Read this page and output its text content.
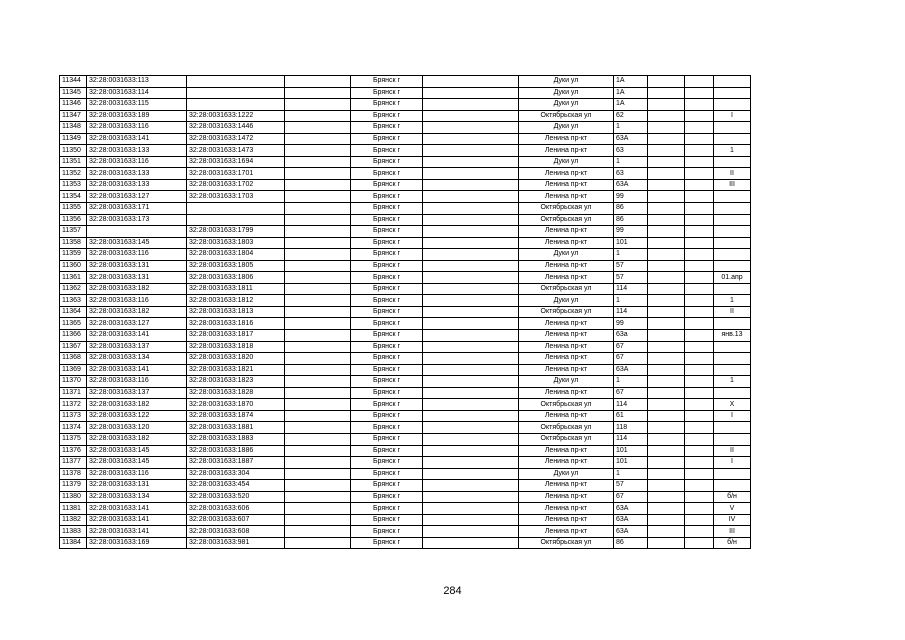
11344	32:28:0031633:113			Брянск г		Дуки ул	1А			
11345	32:28:0031633:114			Брянск г		Дуки ул	1А			
11346	32:28:0031633:115			Брянск г		Дуки ул	1А			
11347	32:28:0031633:189	32:28:0031633:1222		Брянск г		Октябрьская ул	62			I
11348	32:28:0031633:116	32:28:0031633:1446		Брянск г		Дуки ул	1			
11349	32:28:0031633:141	32:28:0031633:1472		Брянск г		Ленина пр-кт	63А			
11350	32:28:0031633:133	32:28:0031633:1473		Брянск г		Ленина пр-кт	63			1
11351	32:28:0031633:116	32:28:0031633:1694		Брянск г		Дуки ул	1			
11352	32:28:0031633:133	32:28:0031633:1701		Брянск г		Ленина пр-кт	63			II
11353	32:28:0031633:133	32:28:0031633:1702		Брянск г		Ленина пр-кт	63А			III
11354	32:28:0031633:127	32:28:0031633:1703		Брянск г		Ленина пр-кт	99			
11355	32:28:0031633:171			Брянск г		Октябрьская ул	86			
11356	32:28:0031633:173			Брянск г		Октябрьская ул	86			
11357		32:28:0031633:1799		Брянск г		Ленина пр-кт	99			
11358	32:28:0031633:145	32:28:0031633:1803		Брянск г		Ленина пр-кт	101			
11359	32:28:0031633:116	32:28:0031633:1804		Брянск г		Дуки ул	1			
11360	32:28:0031633:131	32:28:0031633:1805		Брянск г		Ленина пр-кт	57			
11361	32:28:0031633:131	32:28:0031633:1806		Брянск г		Ленина пр-кт	57			01.апр
11362	32:28:0031633:182	32:28:0031633:1811		Брянск г		Октябрьская ул	114			
11363	32:28:0031633:116	32:28:0031633:1812		Брянск г		Дуки ул	1			1
11364	32:28:0031633:182	32:28:0031633:1813		Брянск г		Октябрьская ул	114			II
11365	32:28:0031633:127	32:28:0031633:1816		Брянск г		Ленина пр-кт	99			
11366	32:28:0031633:141	32:28:0031633:1817		Брянск г		Ленина пр-кт	63а			янв.13
11367	32:28:0031633:137	32:28:0031633:1818		Брянск г		Ленина пр-кт	67			
11368	32:28:0031633:134	32:28:0031633:1820		Брянск г		Ленина пр-кт	67			
11369	32:28:0031633:141	32:28:0031633:1821		Брянск г		Ленина пр-кт	63А			
11370	32:28:0031633:116	32:28:0031633:1823		Брянск г		Дуки ул	1			1
11371	32:28:0031633:137	32:28:0031633:1828		Брянск г		Ленина пр-кт	67			
11372	32:28:0031633:182	32:28:0031633:1870		Брянск г		Октябрьская ул	114			X
11373	32:28:0031633:122	32:28:0031633:1874		Брянск г		Ленина пр-кт	61			I
11374	32:28:0031633:120	32:28:0031633:1881		Брянск г		Октябрьская ул	118			
11375	32:28:0031633:182	32:28:0031633:1883		Брянск г		Октябрьская ул	114			
11376	32:28:0031633:145	32:28:0031633:1886		Брянск г		Ленина пр-кт	101			II
11377	32:28:0031633:145	32:28:0031633:1887		Брянск г		Ленина пр-кт	101			I
11378	32:28:0031633:116	32:28:0031633:304		Брянск г		Дуки ул	1			
11379	32:28:0031633:131	32:28:0031633:454		Брянск г		Ленина пр-кт	57			
11380	32:28:0031633:134	32:28:0031633:520		Брянск г		Ленина пр-кт	67			б/н
11381	32:28:0031633:141	32:28:0031633:606		Брянск г		Ленина пр-кт	63А			V
11382	32:28:0031633:141	32:28:0031633:607		Брянск г		Ленина пр-кт	63А			IV
11383	32:28:0031633:141	32:28:0031633:608		Брянск г		Ленина пр-кт	63А			III
11384	32:28:0031633:169	32:28:0031633:981		Брянск г		Октябрьская ул	86			б/н
284
